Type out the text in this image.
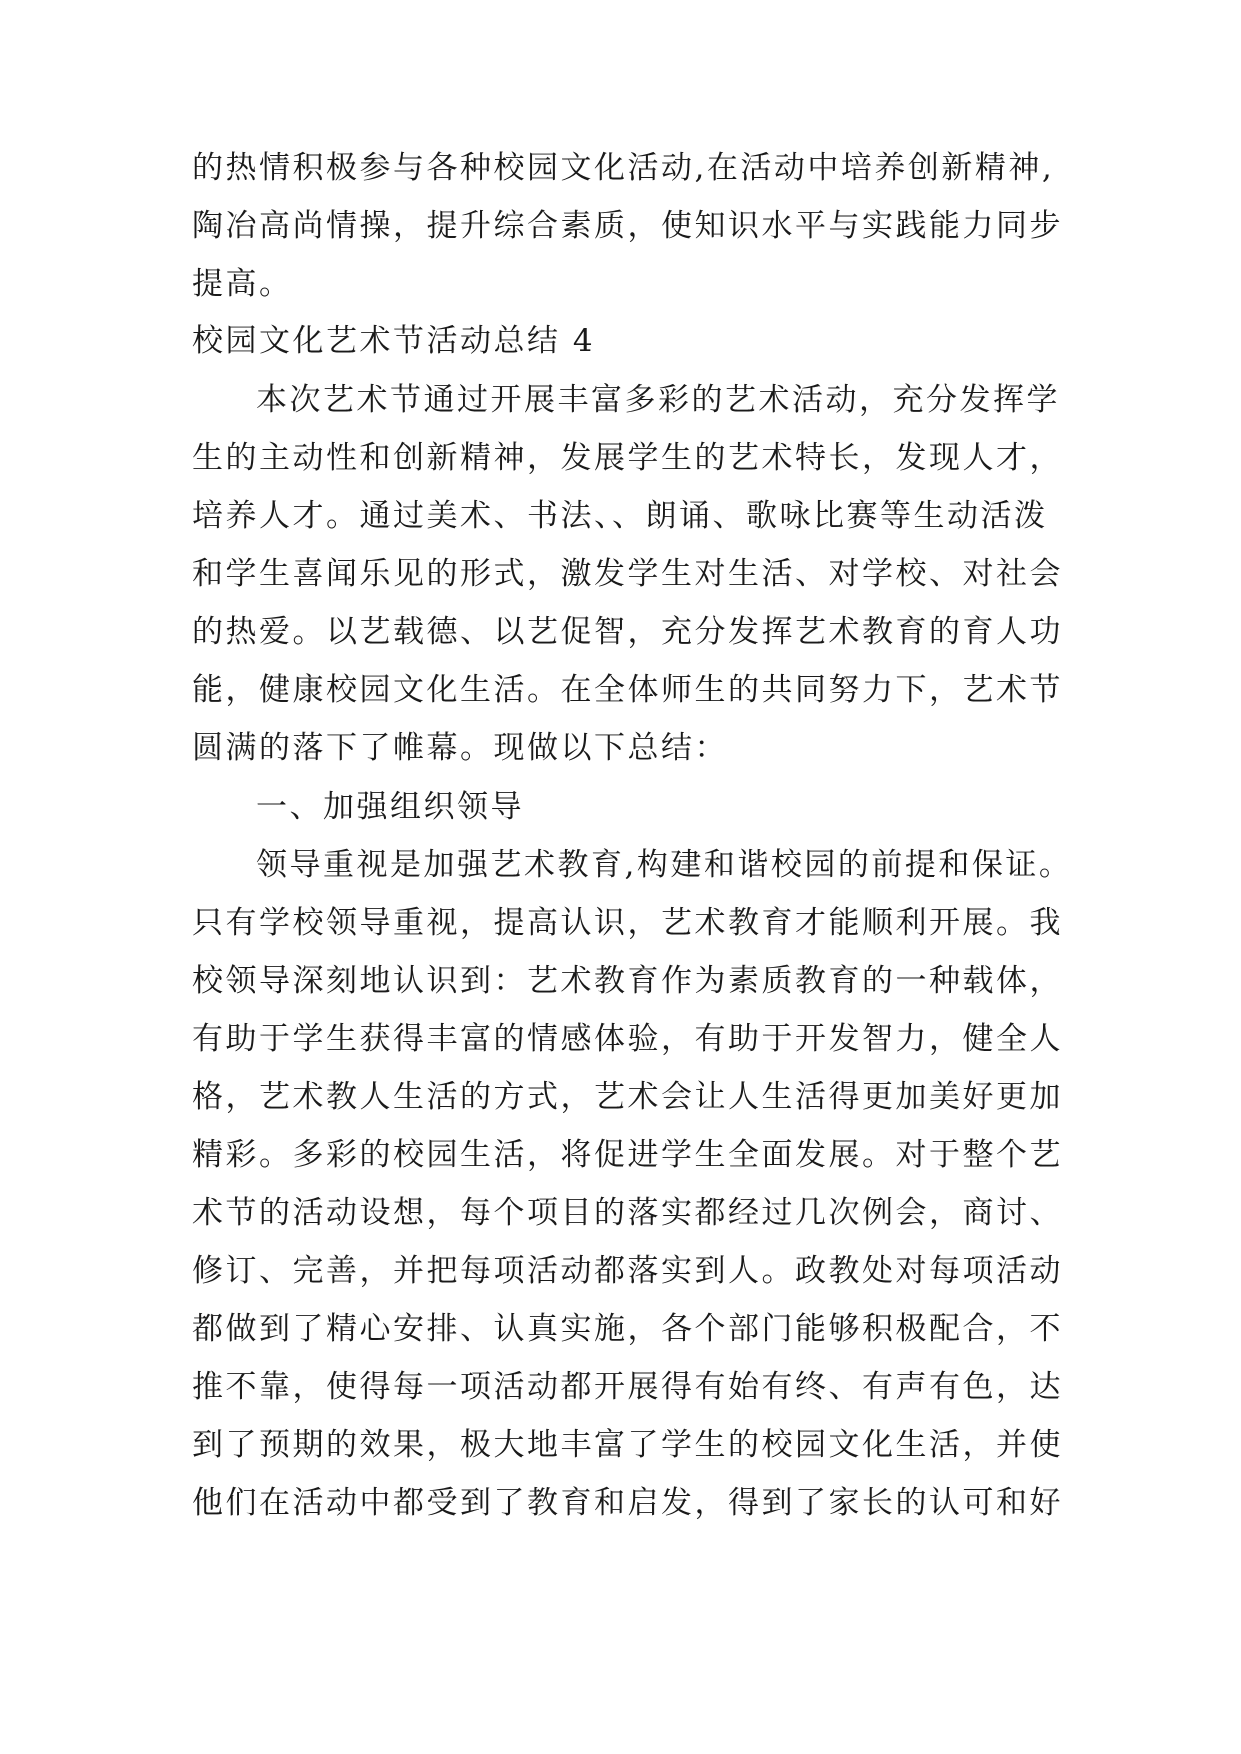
的热情积极参与各种校园文化活动,在活动中培养创新精神,
陶冶高尚情操，提升综合素质，使知识水平与实践能力同步
提高。
校园文化艺术节活动总结 4
本次艺术节通过开展丰富多彩的艺术活动，充分发挥学
生的主动性和创新精神，发展学生的艺术特长，发现人才，
培养人才。通过美术、书法、、朗诵、歌咏比赛等生动活泼
和学生喜闻乐见的形式，激发学生对生活、对学校、对社会
的热爱。以艺载德、以艺促智，充分发挥艺术教育的育人功
能，健康校园文化生活。在全体师生的共同努力下，艺术节
圆满的落下了帷幕。现做以下总结：
一、加强组织领导
领导重视是加强艺术教育,构建和谐校园的前提和保证。
只有学校领导重视，提高认识，艺术教育才能顺利开展。我
校领导深刻地认识到：艺术教育作为素质教育的一种载体，
有助于学生获得丰富的情感体验，有助于开发智力，健全人
格，艺术教人生活的方式，艺术会让人生活得更加美好更加
精彩。多彩的校园生活，将促进学生全面发展。对于整个艺
术节的活动设想，每个项目的落实都经过几次例会，商讨、
修订、完善，并把每项活动都落实到人。政教处对每项活动
都做到了精心安排、认真实施，各个部门能够积极配合，不
推不靠，使得每一项活动都开展得有始有终、有声有色，达
到了预期的效果，极大地丰富了学生的校园文化生活，并使
他们在活动中都受到了教育和启发，得到了家长的认可和好
